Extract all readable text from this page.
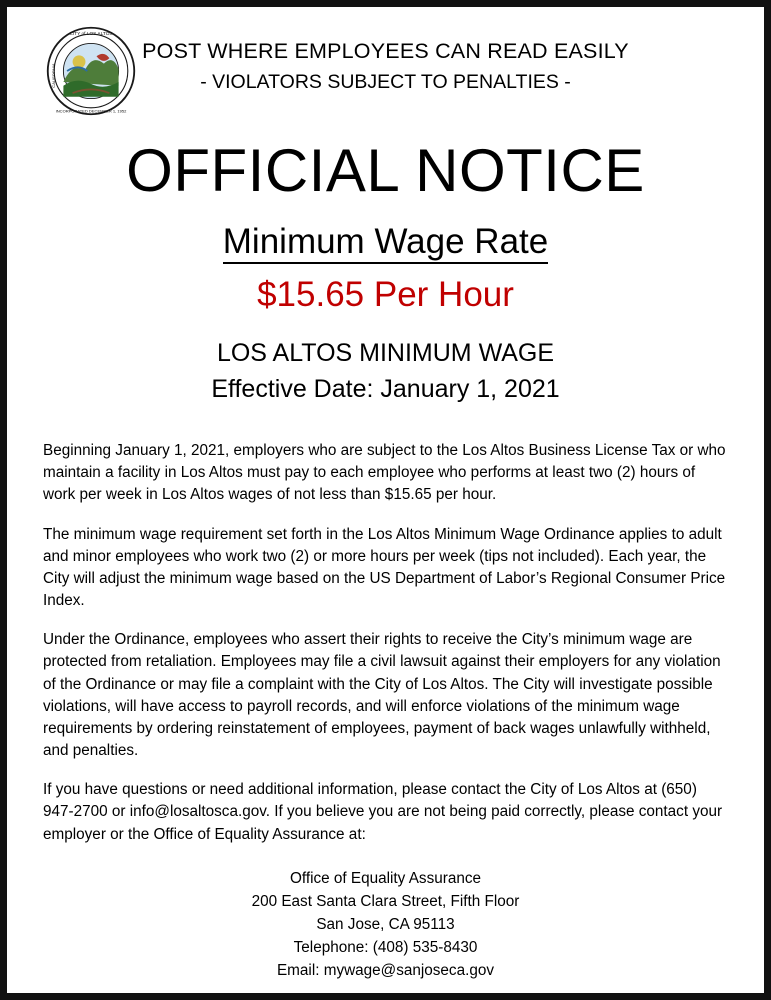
CITY of LOS ALTOS
INCORPORATED DECEMBER 1, 1952
CALIFORNIA
POST WHERE EMPLOYEES CAN READ EASILY
- VIOLATORS SUBJECT TO PENALTIES -
OFFICIAL NOTICE
Minimum Wage Rate
$15.65 Per Hour
LOS ALTOS MINIMUM WAGE
Effective Date: January 1, 2021

Beginning January 1, 2021, employers who are subject to the Los Altos Business License Tax or who maintain a facility in Los Altos must pay to each employee who performs at least two (2) hours of work per week in Los Altos wages of not less than $15.65 per hour.

The minimum wage requirement set forth in the Los Altos Minimum Wage Ordinance applies to adult and minor employees who work two (2) or more hours per week (tips not included). Each year, the City will adjust the minimum wage based on the US Department of Labor’s Regional Consumer Price Index.

Under the Ordinance, employees who assert their rights to receive the City’s minimum wage are protected from retaliation. Employees may file a civil lawsuit against their employers for any violation of the Ordinance or may file a complaint with the City of Los Altos. The City will investigate possible violations, will have access to payroll records, and will enforce violations of the minimum wage requirements by ordering reinstatement of employees, payment of back wages unlawfully withheld, and penalties.

If you have questions or need additional information, please contact the City of Los Altos at (650) 947-2700 or info@losaltosca.gov. If you believe you are not being paid correctly, please contact your employer or the Office of Equality Assurance at:

Office of Equality Assurance
200 East Santa Clara Street, Fifth Floor
San Jose, CA 95113
Telephone: (408) 535-8430
Email: mywage@sanjoseca.gov
